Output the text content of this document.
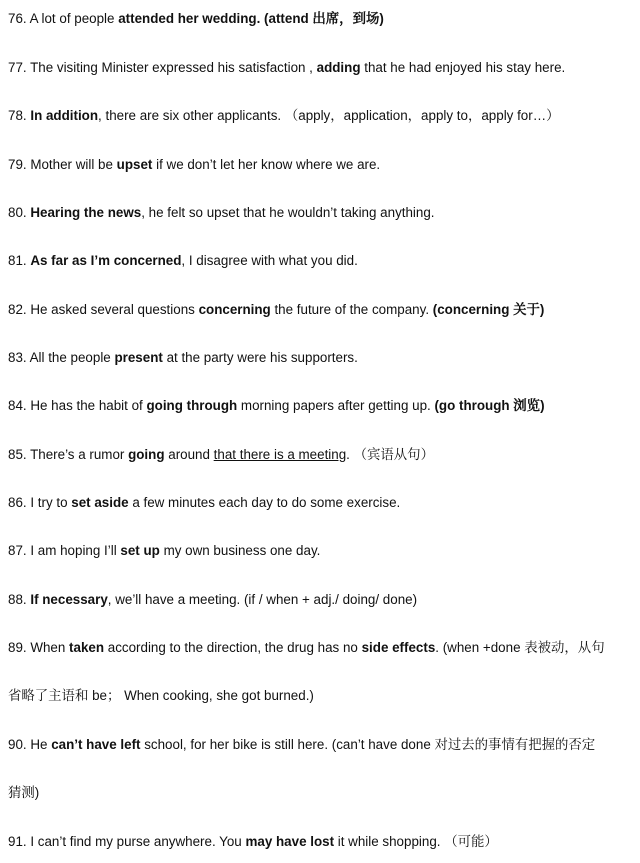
76. A lot of people attended her wedding. (attend 出席，到场)
77. The visiting Minister expressed his satisfaction , adding that he had enjoyed his stay here.
78. In addition, there are six other applicants. （apply，application，apply to，apply for…）
79. Mother will be upset if we don’t let her know where we are.
80. Hearing the news, he felt so upset that he wouldn’t taking anything.
81. As far as I’m concerned, I disagree with what you did.
82. He asked several questions concerning the future of the company. (concerning 关于)
83. All the people present at the party were his supporters.
84. He has the habit of going through morning papers after getting up. (go through 浏览)
85. There’s a rumor going around that there is a meeting. （宾语从句）
86. I try to set aside a few minutes each day to do some exercise.
87. I am hoping I’ll set up my own business one day.
88. If necessary, we’ll have a meeting. (if / when + adj./ doing/ done)
89. When taken according to the direction, the drug has no side effects. (when +done 表被动，从句
省略了主语和 be； When cooking, she got burned.)
90. He can’t have left school, for her bike is still here. (can’t have done 对过去的事情有把握的否定
猜测)
91. I can’t find my purse anywhere. You may have lost it while shopping. （可能）
